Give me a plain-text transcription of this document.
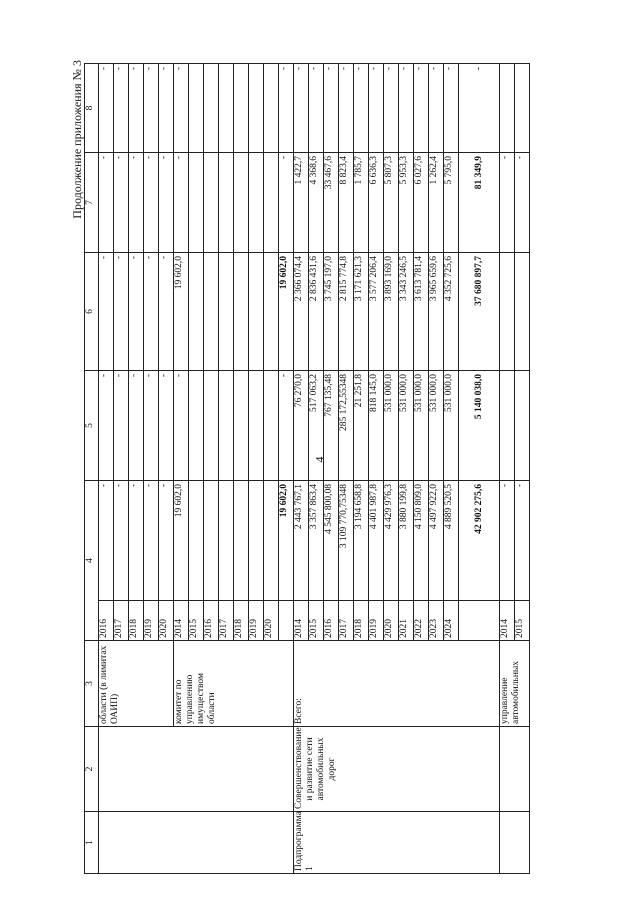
4
Продолжение приложения № 3
1	2	3	4		5	6	7	8
		области (в лимитах ОАИП)	2016	-	-	-	-	-
			2017	-	-	-	-	-
			2018	-	-	-	-	-
			2019	-	-	-	-	-
			2020	-	-	-	-	-
		комитет по управлению имуществом области	2014	19 602,0	-	19 602,0	-	-
			2015					
			2016					
			2017					
			2018					
			2019					
			2020					
				19 602,0	-	19 602,0	-	-
Подпрограмма 1	Совершенствование и развитие сети автомобильных дорог	Всего:	2014	2 443 767,1	76 270,0	2 366 074,4	1 422,7	-
			2015	3 357 863,4	517 063,2	2 836 431,6	4 368,6	-
			2016	4 545 800,08	767 135,48	3 745 197,0	33 467,6	-
			2017	3 109 770,75348	285 172,55348	2 815 774,8	8 823,4	-
			2018	3 194 658,8	21 251,8	3 171 621,3	1 785,7	-
			2019	4 401 987,8	818 145,0	3 577 206,4	6 636,3	-
			2020	4 429 976,3	531 000,0	3 893 169,0	5 807,3	-
			2021	3 880 199,8	531 000,0	3 343 246,5	5 953,3	-
			2022	4 150 809,0	531 000,0	3 613 781,4	6 027,6	-
			2023	4 497 922,0	531 000,0	3 965 659,6	1 262,4	-
			2024	4 889 520,5	531 000,0	4 352 725,6	5 795,0	-
				42 902 275,6	5 140 038,0	37 680 897,7	81 349,9	-
		управление автомобильных	2014	-			-	
			2015	-			-	
